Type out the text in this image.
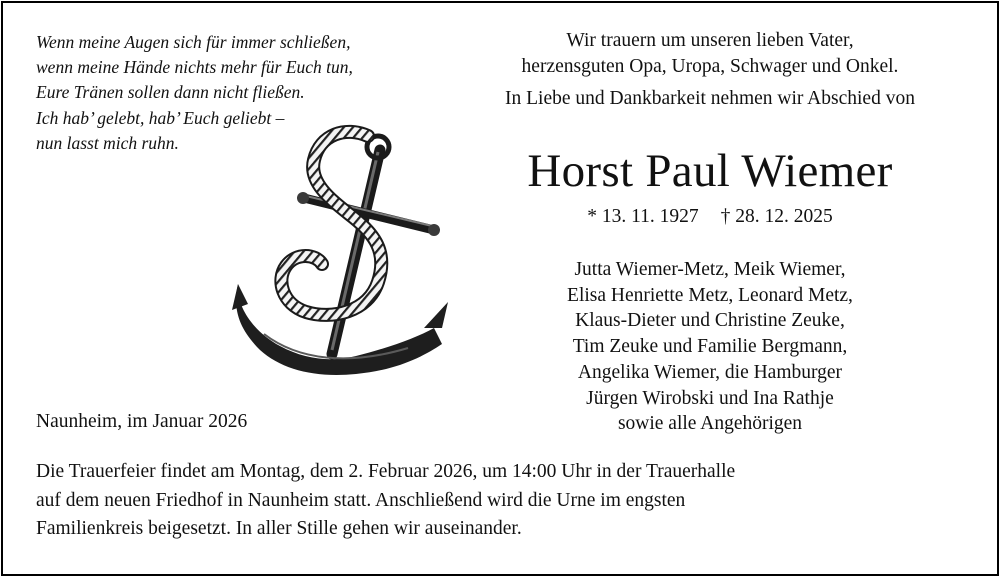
Wenn meine Augen sich für immer schließen,
wenn meine Hände nichts mehr für Euch tun,
Eure Tränen sollen dann nicht fließen.
Ich hab’ gelebt, hab’ Euch geliebt –
nun lasst mich ruhn.
Wir trauern um unseren lieben Vater,
herzensguten Opa, Uropa, Schwager und Onkel.
In Liebe und Dankbarkeit nehmen wir Abschied von
Horst Paul Wiemer
* 13. 11. 1927 † 28. 12. 2025
Jutta Wiemer-Metz, Meik Wiemer,
Elisa Henriette Metz, Leonard Metz,
Klaus-Dieter und Christine Zeuke,
Tim Zeuke und Familie Bergmann,
Angelika Wiemer, die Hamburger
Jürgen Wirobski und Ina Rathje
sowie alle Angehörigen
Naunheim, im Januar 2026
Die Trauerfeier findet am Montag, dem 2. Februar 2026, um 14:00 Uhr in der Trauerhalle
auf dem neuen Friedhof in Naunheim statt. Anschließend wird die Urne im engsten
Familienkreis beigesetzt. In aller Stille gehen wir auseinander.
